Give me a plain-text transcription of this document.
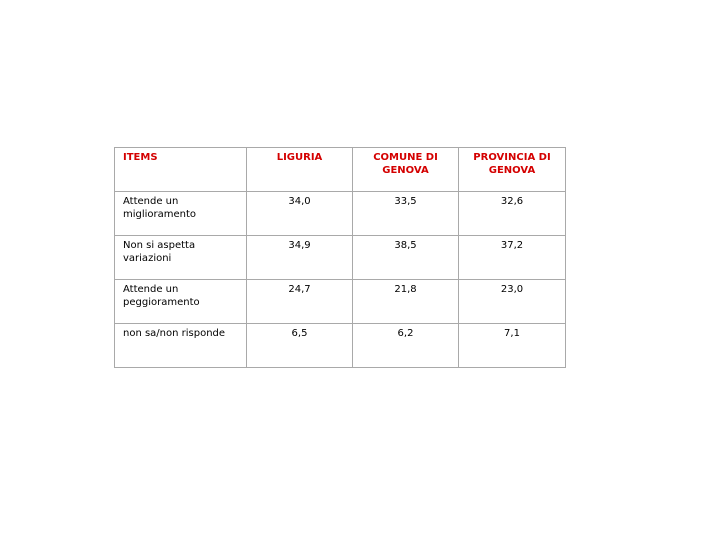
ITEMS	LIGURIA	COMUNE DI GENOVA	PROVINCIA DI GENOVA
Attende un miglioramento	34,0	33,5	32,6
Non si aspetta variazioni	34,9	38,5	37,2
Attende un peggioramento	24,7	21,8	23,0
non sa/non risponde	6,5	6,2	7,1
